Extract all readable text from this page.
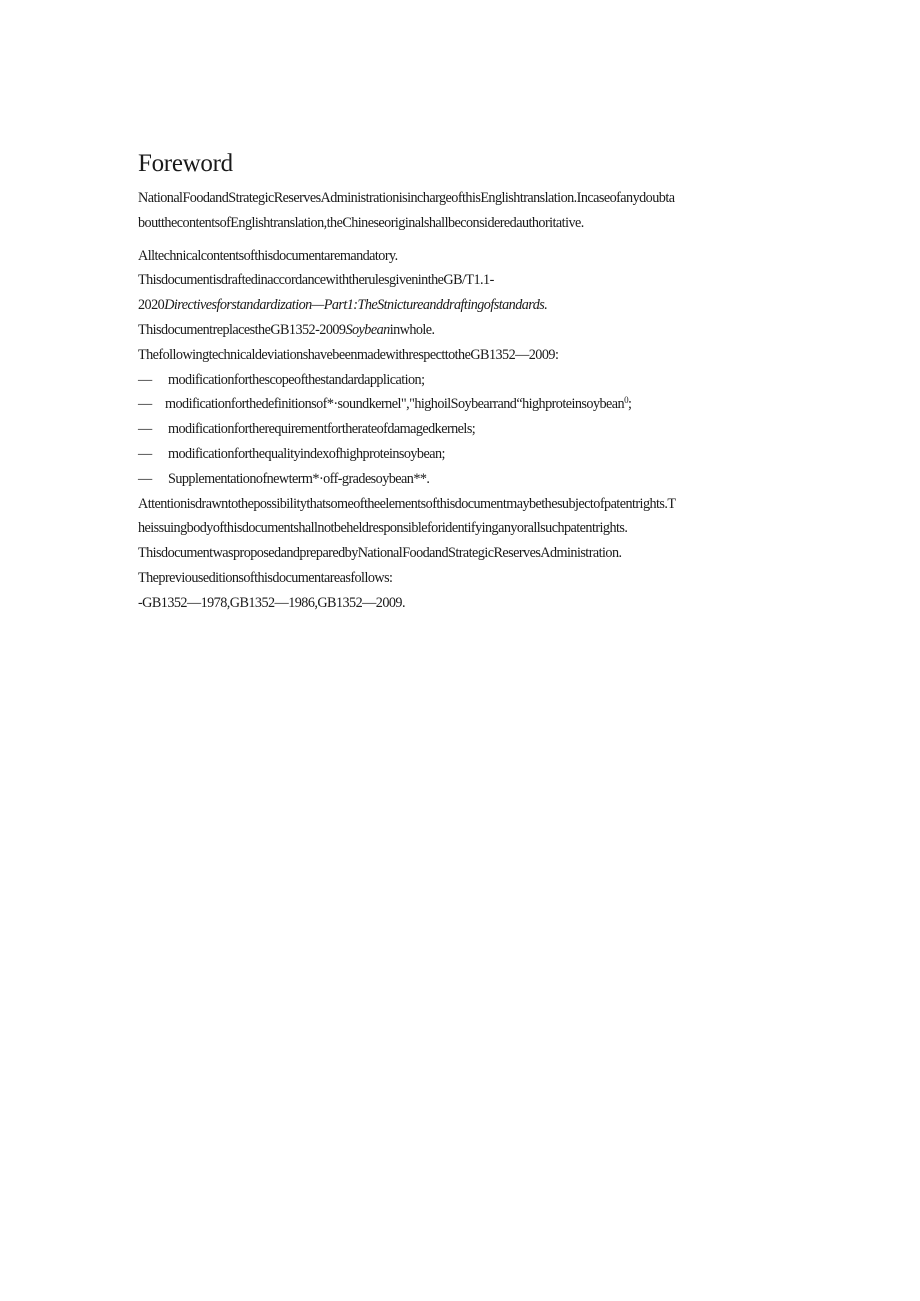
Foreword

NationalFoodandStrategicReservesAdministrationisinchargeofthisEnglishtranslation.Incaseofanydoubta

boutthecontentsofEnglishtranslation,theChineseoriginalshallbeconsideredauthoritative.

Alltechnicalcontentsofthisdocumentaremandatory.

ThisdocumentisdraftedinaccordancewiththerulesgivenintheGB/T1.1-

2020Directivesforstandardization—Part1:TheStnictureanddraftingofstandards.

ThisdocumentreplacestheGB1352-2009Soybeaninwhole.

ThefollowingtechnicaldeviationshavebeenmadewithrespecttotheGB1352—2009:

—	modificationforthescopeofthestandardapplication;
— modificationforthedefinitionsof*·soundkernel","highoilSoybearrand“highproteinsoybean$^0$;
—	modificationfortherequirementfortherateofdamagedkernels;
—	modificationforthequalityindexofhighproteinsoybean;
—	Supplementationofnewterm*·off-gradesoybean**.

Attentionisdrawntothepossibilitythatsomeoftheelementsofthisdocumentmaybethesubjectofpatentrights.T

heissuingbodyofthisdocumentshallnotbeheldresponsibleforidentifyinganyorallsuchpatentrights.

ThisdocumentwasproposedandpreparedbyNationalFoodandStrategicReservesAdministration.

Thepreviouseditionsofthisdocumentareasfollows:

-GB1352—1978,GB1352—1986,GB1352—2009.
